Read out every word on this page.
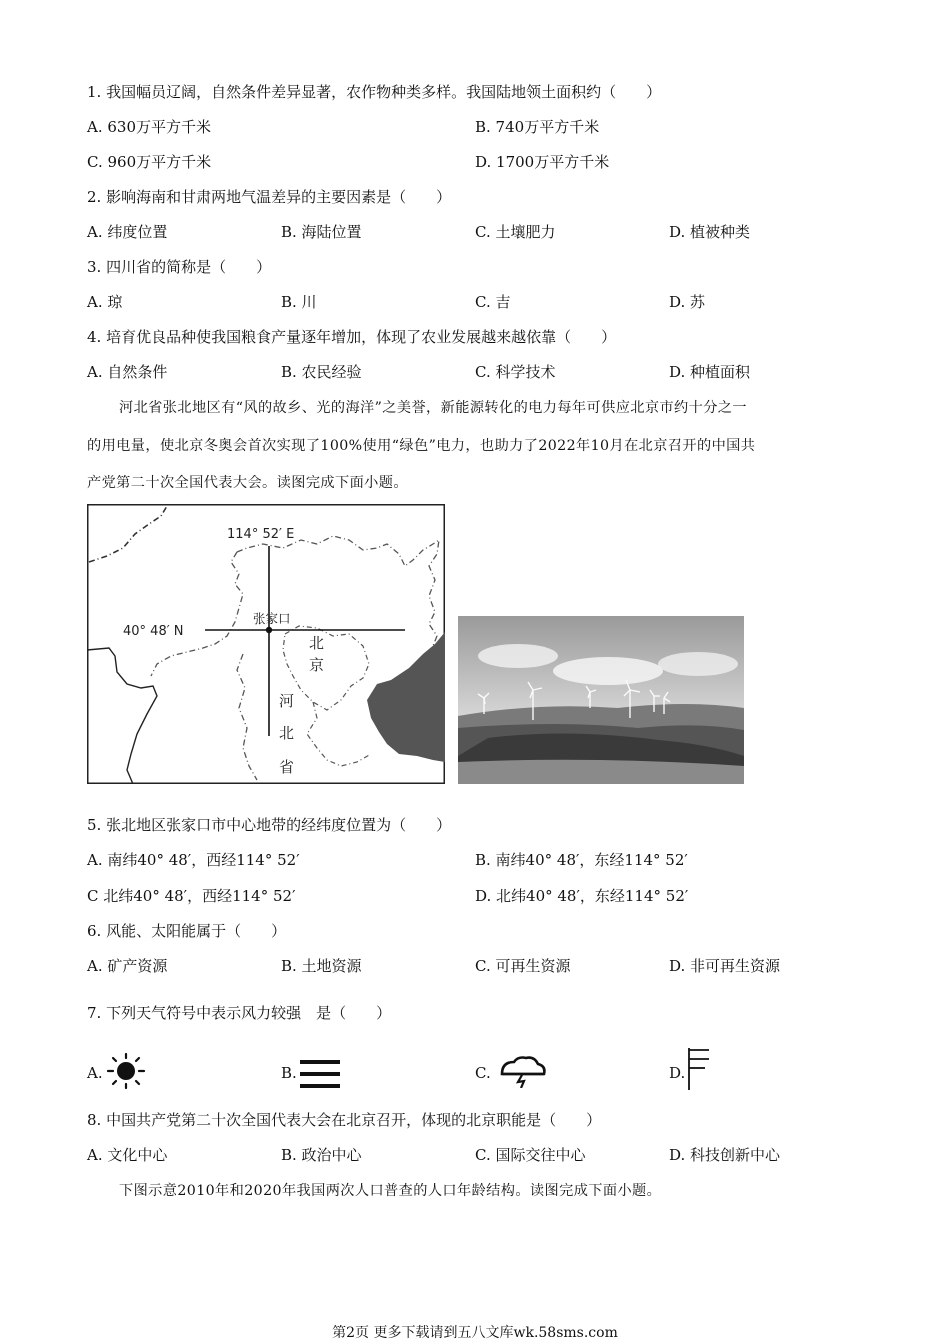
1. 我国幅员辽阔，自然条件差异显著，农作物种类多样。我国陆地领土面积约（　　）
A. 630万平方千米	B. 740万平方千米
C. 960万平方千米	D. 1700万平方千米
2. 影响海南和甘肃两地气温差异的主要因素是（　　）
A. 纬度位置	B. 海陆位置	C. 土壤肥力	D. 植被种类
3. 四川省的简称是（　　）
A. 琼	B. 川	C. 吉	D. 苏
4. 培育优良品种使我国粮食产量逐年增加，体现了农业发展越来越依靠（　　）
A. 自然条件	B. 农民经验	C. 科学技术	D. 种植面积
河北省张北地区有“风的故乡、光的海洋”之美誉，新能源转化的电力每年可供应北京市约十分之一
的用电量，使北京冬奥会首次实现了100%使用“绿色”电力，也助力了2022年10月在北京召开的中国共
产党第二十次全国代表大会。读图完成下面小题。
114° 52′ E
40° 48′ N
张家口
北
京
河
北
省
5. 张北地区张家口市中心地带的经纬度位置为（　　）
A. 南纬40° 48′，西经114° 52′	B. 南纬40° 48′，东经114° 52′
C 北纬40° 48′，西经114° 52′	D. 北纬40° 48′，东经114° 52′
6. 风能、太阳能属于（　　）
A. 矿产资源	B. 土地资源	C. 可再生资源	D. 非可再生资源
7. 下列天气符号中表示风力较强　是（　　）
A.	B.	C.	D.
8. 中国共产党第二十次全国代表大会在北京召开，体现的北京职能是（　　）
A. 文化中心	B. 政治中心	C. 国际交往中心	D. 科技创新中心
下图示意2010年和2020年我国两次人口普查的人口年龄结构。读图完成下面小题。
第2页 更多下载请到五八文库wk.58sms.com
